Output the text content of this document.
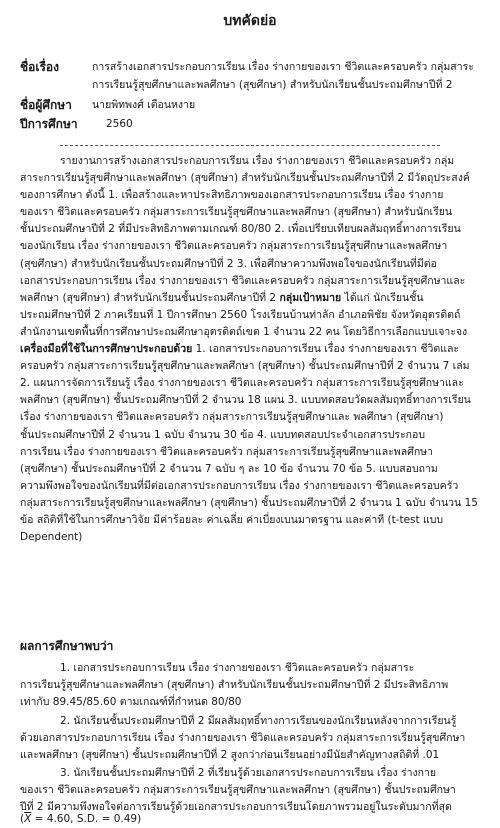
บทคัดย่อ
ชื่อเรื่อง	การสร้างเอกสารประกอบการเรียน เรื่อง ร่างกายของเรา ชีวิตและครอบครัว กลุ่มสาระ
การเรียนรู้สุขศึกษาและพลศึกษา (สุขศึกษา) สำหรับนักเรียนชั้นประถมศึกษาปีที่ 2
ชื่อผู้ศึกษา นายพิทพงศ์ เตือนหงาย
ปีการศึกษา	2560
รายงานการสร้างเอกสารประกอบการเรียน เรื่อง ร่างกายของเรา ชีวิตและครอบครัว กลุ่ม
สาระการเรียนรู้สุขศึกษาและพลศึกษา (สุขศึกษา) สำหรับนักเรียนชั้นประถมศึกษาปีที่ 2 มีวัตถุประสงค์
ของการศึกษา ดังนี้ 1. เพื่อสร้างและหาประสิทธิภาพของเอกสารประกอบการเรียน เรื่อง ร่างกาย
ของเรา ชีวิตและครอบครัว กลุ่มสาระการเรียนรู้สุขศึกษาและพลศึกษา (สุขศึกษา) สำหรับนักเรียน
ชั้นประถมศึกษาปีที่ 2 ที่มีประสิทธิภาพตามเกณฑ์ 80/80 2. เพื่อเปรียบเทียบผลสัมฤทธิ์ทางการเรียน
ของนักเรียน เรื่อง ร่างกายของเรา ชีวิตและครอบครัว กลุ่มสาระการเรียนรู้สุขศึกษาและพลศึกษา
(สุขศึกษา) สำหรับนักเรียนชั้นประถมศึกษาปีที่ 2 3. เพื่อศึกษาความพึงพอใจของนักเรียนที่มีต่อ
เอกสารประกอบการเรียน เรื่อง ร่างกายของเรา ชีวิตและครอบครัว กลุ่มสาระการเรียนรู้สุขศึกษาและ
พลศึกษา (สุขศึกษา) สำหรับนักเรียนชั้นประถมศึกษาปีที่ 2 กลุ่มเป้าหมาย ได้แก่ นักเรียนชั้น
ประถมศึกษาปีที่ 2 ภาคเรียนที่ 1 ปีการศึกษา 2560 โรงเรียนบ้านท่าลัก อำเภอพิชัย จังหวัดอุตรดิตถ์
สำนักงานเขตพื้นที่การศึกษาประถมศึกษาอุตรดิตถ์เขต 1 จำนวน 22 คน โดยวิธีการเลือกแบบเจาะจง
เครื่องมือที่ใช้ในการศึกษาประกอบด้วย 1. เอกสารประกอบการเรียน เรื่อง ร่างกายของเรา ชีวิตและ
ครอบครัว กลุ่มสาระการเรียนรู้สุขศึกษาและพลศึกษา (สุขศึกษา) ชั้นประถมศึกษาปีที่ 2 จำนวน 7 เล่ม
2. แผนการจัดการเรียนรู้ เรื่อง ร่างกายของเรา ชีวิตและครอบครัว กลุ่มสาระการเรียนรู้สุขศึกษาและ
พลศึกษา (สุขศึกษา) ชั้นประถมศึกษาปีที่ 2 จำนวน 18 แผน 3. แบบทดสอบวัดผลสัมฤทธิ์ทางการเรียน
เรื่อง ร่างกายของเรา ชีวิตและครอบครัว กลุ่มสาระการเรียนรู้สุขศึกษาและ พลศึกษา (สุขศึกษา)
ชั้นประถมศึกษาปีที่ 2 จำนวน 1 ฉบับ จำนวน 30 ข้อ 4. แบบทดสอบประจำเอกสารประกอบ
การเรียน เรื่อง ร่างกายของเรา ชีวิตและครอบครัว กลุ่มสาระการเรียนรู้สุขศึกษาและพลศึกษา
(สุขศึกษา) ชั้นประถมศึกษาปีที่ 2 จำนวน 7 ฉบับ ๆ ละ 10 ข้อ จำนวน 70 ข้อ 5. แบบสอบถาม
ความพึงพอใจของนักเรียนที่มีต่อเอกสารประกอบการเรียน เรื่อง ร่างกายของเรา ชีวิตและครอบครัว
กลุ่มสาระการเรียนรู้สุขศึกษาและพลศึกษา (สุขศึกษา) ชั้นประถมศึกษาปีที่ 2 จำนวน 1 ฉบับ จำนวน 15
ข้อ สถิติที่ใช้ในการศึกษาวิจัย มีค่าร้อยละ ค่าเฉลี่ย ค่าเบี่ยงเบนมาตรฐาน และค่าที (t-test แบบ
Dependent)
ผลการศึกษาพบว่า
1. เอกสารประกอบการเรียน เรื่อง ร่างกายของเรา ชีวิตและครอบครัว กลุ่มสาระ
การเรียนรู้สุขศึกษาและพลศึกษา (สุขศึกษา) สำหรับนักเรียนชั้นประถมศึกษาปีที่ 2 มีประสิทธิภาพ
เท่ากับ 89.45/85.60 ตามเกณฑ์ที่กำหนด 80/80
2. นักเรียนชั้นประถมศึกษาปีที่ 2 มีผลสัมฤทธิ์ทางการเรียนของนักเรียนหลังจากการเรียนรู้
ด้วยเอกสารประกอบการเรียน เรื่อง ร่างกายของเรา ชีวิตและครอบครัว กลุ่มสาระการเรียนรู้สุขศึกษา
และพลศึกษา (สุขศึกษา) ชั้นประถมศึกษาปีที่ 2 สูงกว่าก่อนเรียนอย่างมีนัยสำคัญทางสถิติที่ .01
3. นักเรียนชั้นประถมศึกษาปีที่ 2 ที่เรียนรู้ด้วยเอกสารประกอบการเรียน เรื่อง ร่างกาย
ของเรา ชีวิตและครอบครัว กลุ่มสาระการเรียนรู้สุขศึกษาและพลศึกษา (สุขศึกษา) ชั้นประถมศึกษา
ปีที่ 2 มีความพึงพอใจต่อการเรียนรู้ด้วยเอกสารประกอบการเรียนโดยภาพรวมอยู่ในระดับมากที่สุด
($\overline{X} = 4.60$, S.D. = 0.49)
